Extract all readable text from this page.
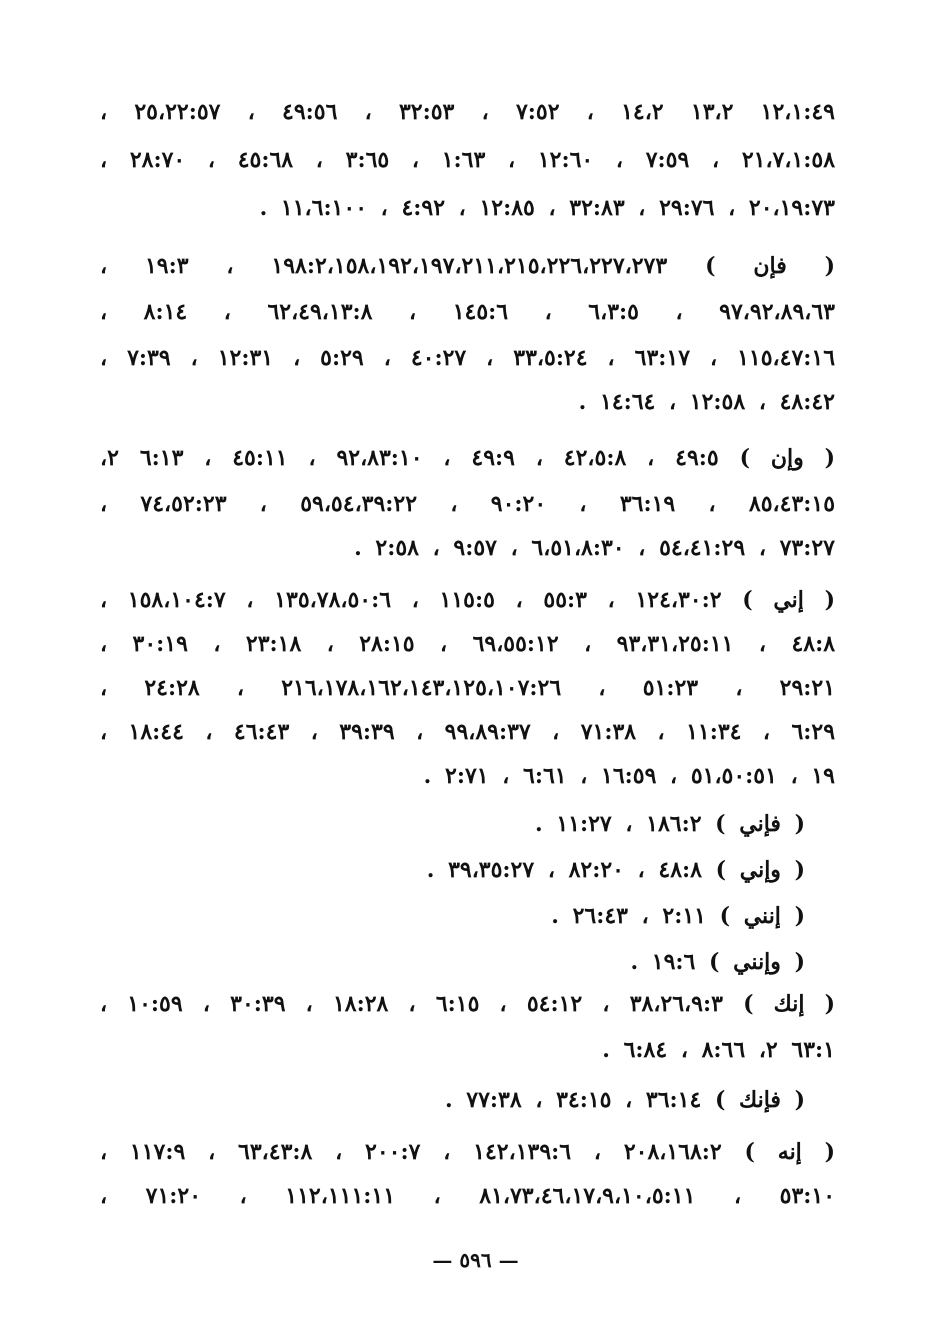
١٢،١:٤٩ ١٣،٢ ١٤،٢ ، ٧:٥٢ ، ٣٢:٥٣ ، ٤٩:٥٦ ، ٢٥،٢٢:٥٧ ،
٢١،٧،١:٥٨ ، ٧:٥٩ ، ١٢:٦٠ ، ١:٦٣ ، ٣:٦٥ ، ٤٥:٦٨ ، ٢٨:٧٠ ،
٢٠،١٩:٧٣ ، ٢٩:٧٦ ، ٣٢:٨٣ ، ١٢:٨٥ ، ٤:٩٢ ، ١١،٦:١٠٠ .
( فإن ) ١٩٨:٢،١٥٨،١٩٢،١٩٧،٢١١،٢١٥،٢٢٦،٢٢٧،٢٧٣ ، ١٩:٣ ،
٩٧،٩٢،٨٩،٦٣ ، ٦،٣:٥ ، ١٤٥:٦ ، ٦٢،٤٩،١٣:٨ ، ٨:١٤ ،
١١٥،٤٧:١٦ ، ٦٣:١٧ ، ٣٣،٥:٢٤ ، ٤٠:٢٧ ، ٥:٢٩ ، ١٢:٣١ ، ٧:٣٩ ،
٤٨:٤٢ ، ١٢:٥٨ ، ١٤:٦٤ .
( وإن ) ٤٩:٥ ، ٤٢،٥:٨ ، ٤٩:٩ ، ٩٢،٨٣:١٠ ، ٤٥:١١ ، ٦:١٣ ٢،
٨٥،٤٣:١٥ ، ٣٦:١٩ ، ٩٠:٢٠ ، ٥٩،٥٤،٣٩:٢٢ ، ٧٤،٥٢:٢٣ ،
٧٣:٢٧ ، ٥٤،٤١:٢٩ ، ٦،٥١،٨:٣٠ ، ٩:٥٧ ، ٢:٥٨ .
( إني ) ١٢٤،٣٠:٢ ، ٥٥:٣ ، ١١٥:٥ ، ١٣٥،٧٨،٥٠:٦ ، ١٥٨،١٠٤:٧ ،
٤٨:٨ ، ٩٣،٣١،٢٥:١١ ، ٦٩،٥٥:١٢ ، ٢٨:١٥ ، ٢٣:١٨ ، ٣٠:١٩ ،
٢٩:٢١ ، ٥١:٢٣ ، ٢١٦،١٧٨،١٦٢،١٤٣،١٢٥،١٠٧:٢٦ ، ٢٤:٢٨ ،
٦:٢٩ ، ١١:٣٤ ، ٧١:٣٨ ، ٩٩،٨٩:٣٧ ، ٣٩:٣٩ ، ٤٦:٤٣ ، ١٨:٤٤ ،
١٩ ، ٥١،٥٠:٥١ ، ١٦:٥٩ ، ٦:٦١ ، ٢:٧١ .
( فإني ) ١٨٦:٢ ، ١١:٢٧ .
( وإني ) ٤٨:٨ ، ٨٢:٢٠ ، ٣٩،٣٥:٢٧ .
( إنني ) ٢:١١ ، ٢٦:٤٣ .
( وإنني ) ١٩:٦ .
( إنك ) ٣٨،٢٦،٩:٣ ، ٥٤:١٢ ، ٦:١٥ ، ١٨:٢٨ ، ٣٠:٣٩ ، ١٠:٥٩ ،
٦٣:١ ٢، ٨:٦٦ ، ٦:٨٤ .
( فإنك ) ٣٦:١٤ ، ٣٤:١٥ ، ٧٧:٣٨ .
( إنه ) ٢٠٨،١٦٨:٢ ، ١٤٢،١٣٩:٦ ، ٢٠٠:٧ ، ٦٣،٤٣:٨ ، ١١٧:٩ ،
٥٣:١٠ ، ٨١،٧٣،٤٦،١٧،٩،١٠،٥:١١ ، ١١٢،١١١:١١ ، ٧١:٢٠ ،
— ٥٩٦ —
